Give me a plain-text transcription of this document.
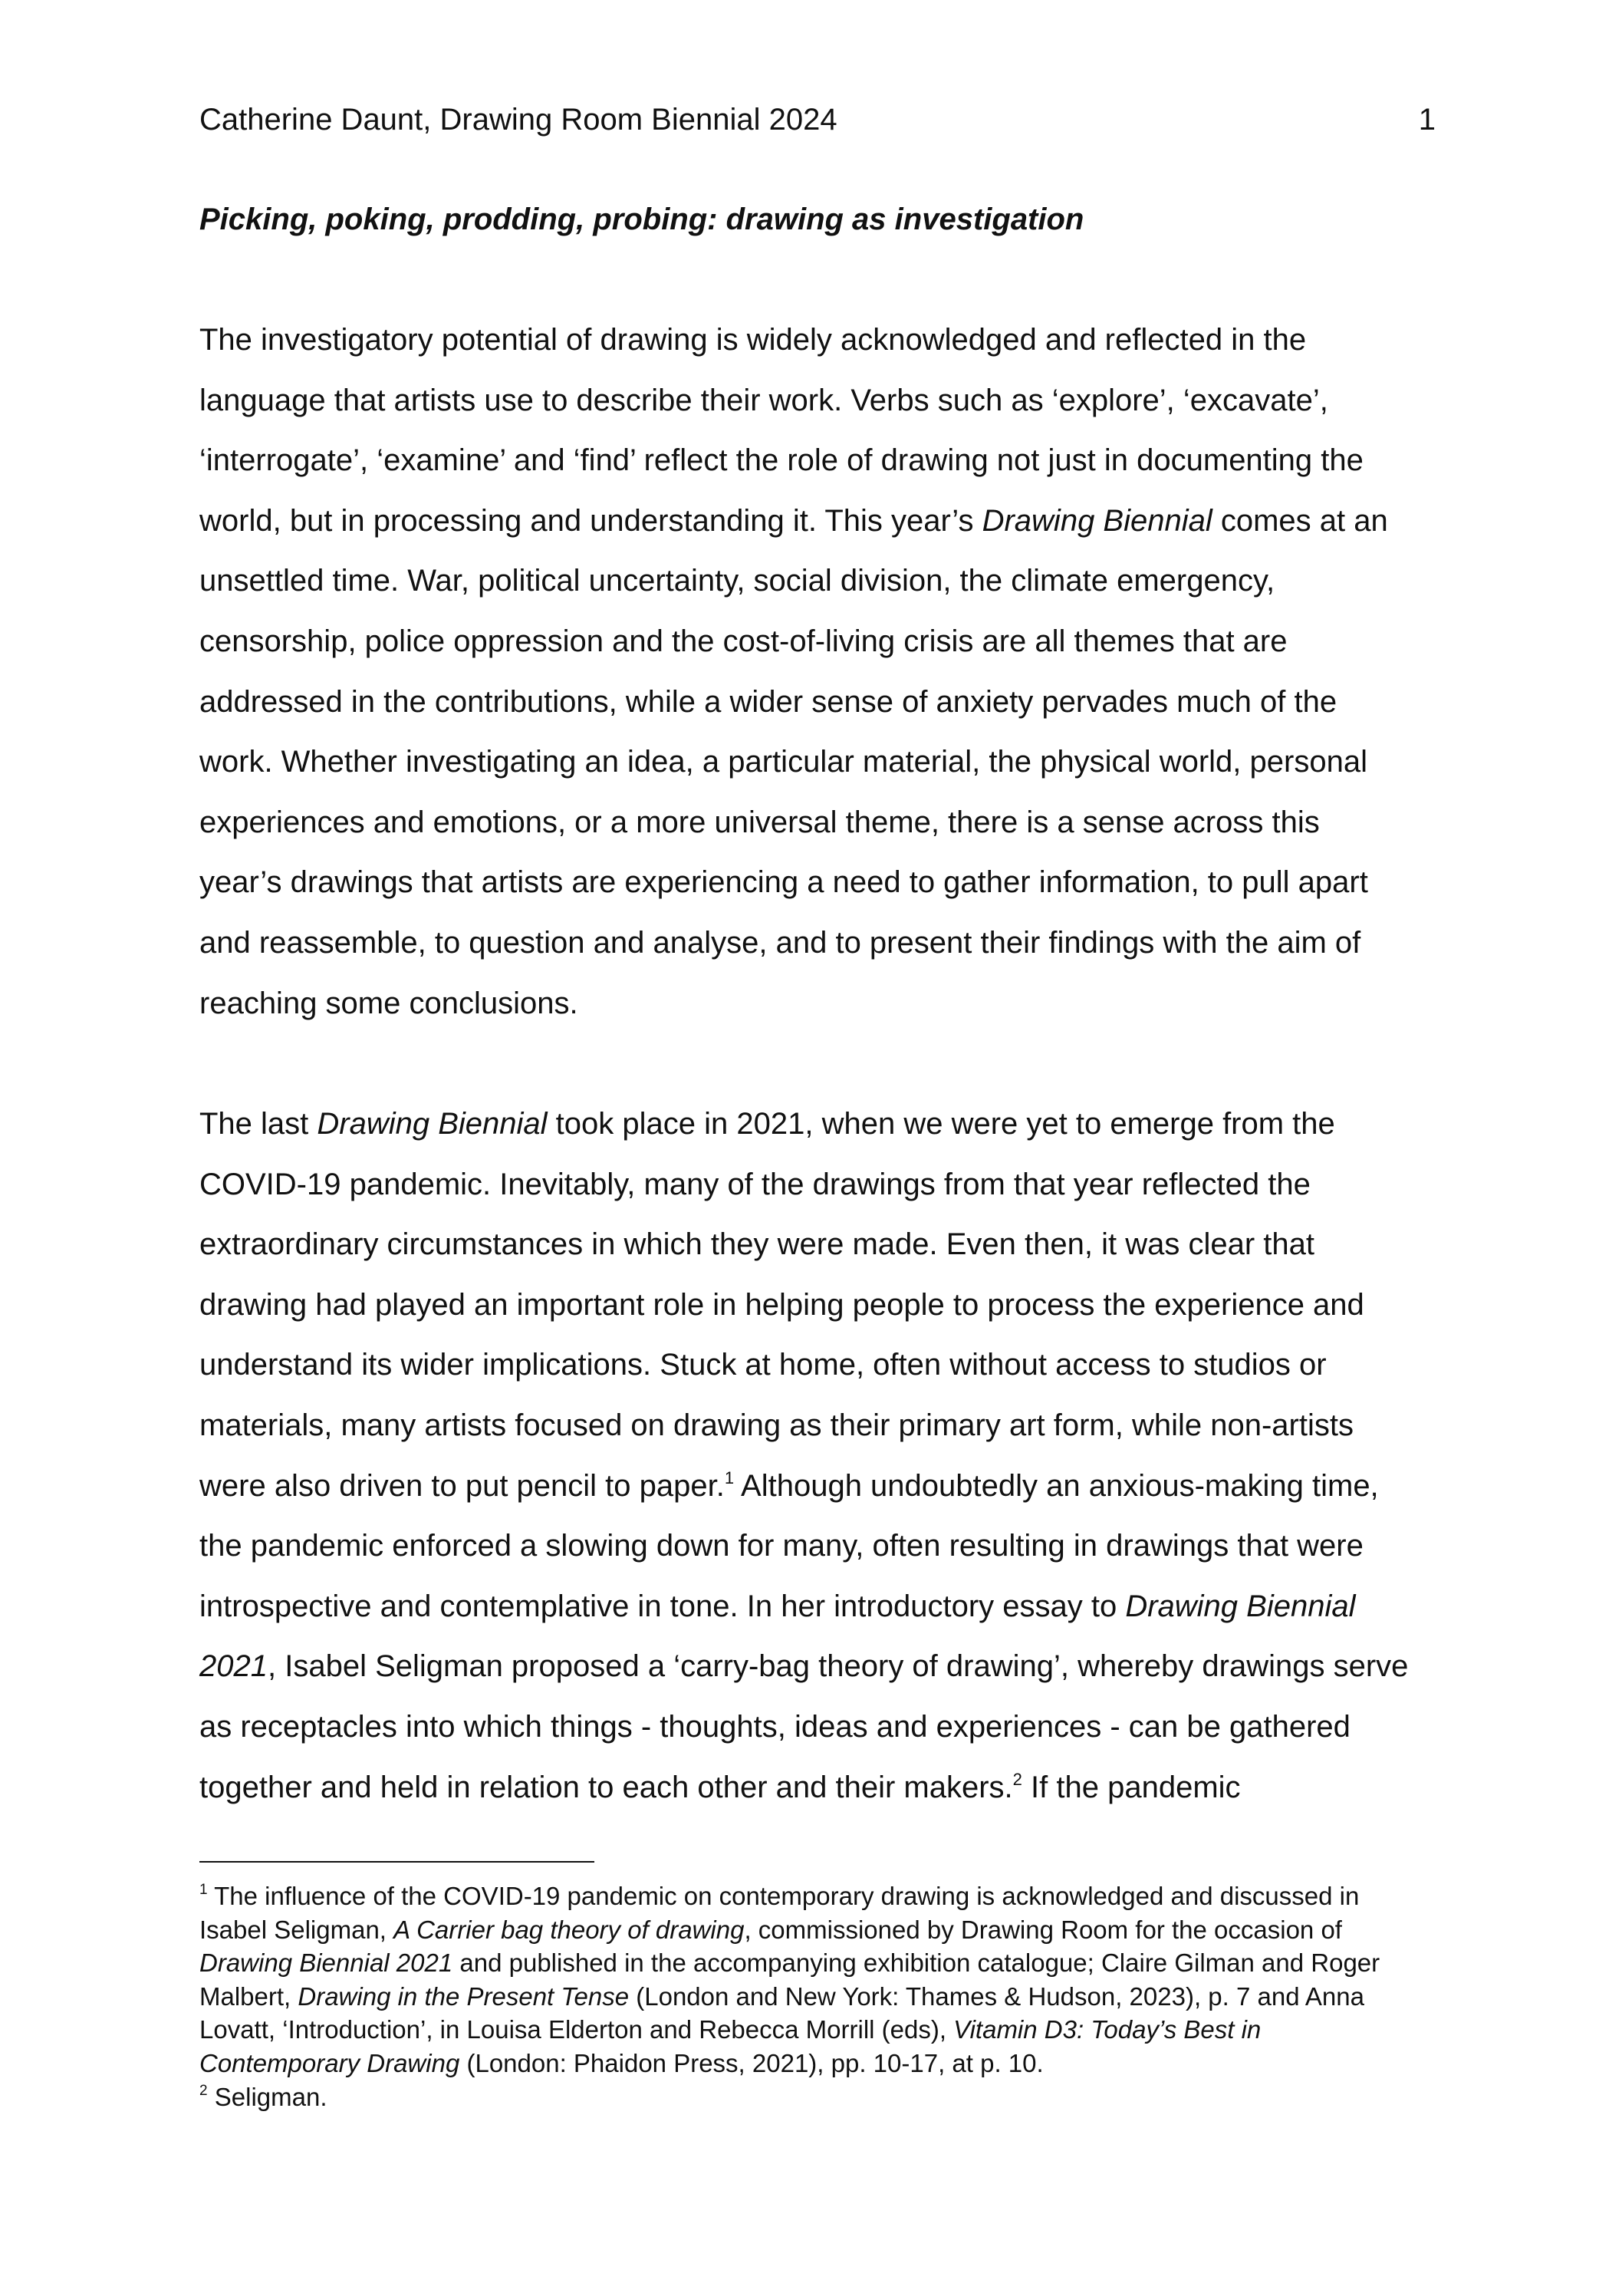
Catherine Daunt, Drawing Room Biennial 2024	1
Picking, poking, prodding, probing: drawing as investigation

The investigatory potential of drawing is widely acknowledged and reflected in the
language that artists use to describe their work. Verbs such as ‘explore’, ‘excavate’,
‘interrogate’, ‘examine’ and ‘find’ reflect the role of drawing not just in documenting the
world, but in processing and understanding it. This year’s Drawing Biennial comes at an
unsettled time. War, political uncertainty, social division, the climate emergency,
censorship, police oppression and the cost-of-living crisis are all themes that are
addressed in the contributions, while a wider sense of anxiety pervades much of the
work. Whether investigating an idea, a particular material, the physical world, personal
experiences and emotions, or a more universal theme, there is a sense across this
year’s drawings that artists are experiencing a need to gather information, to pull apart
and reassemble, to question and analyse, and to present their findings with the aim of
reaching some conclusions.

The last Drawing Biennial took place in 2021, when we were yet to emerge from the
COVID-19 pandemic. Inevitably, many of the drawings from that year reflected the
extraordinary circumstances in which they were made. Even then, it was clear that
drawing had played an important role in helping people to process the experience and
understand its wider implications. Stuck at home, often without access to studios or
materials, many artists focused on drawing as their primary art form, while non-artists
were also driven to put pencil to paper.$^1$ Although undoubtedly an anxious-making time,
the pandemic enforced a slowing down for many, often resulting in drawings that were
introspective and contemplative in tone. In her introductory essay to Drawing Biennial
2021, Isabel Seligman proposed a ‘carry-bag theory of drawing’, whereby drawings serve
as receptacles into which things - thoughts, ideas and experiences - can be gathered
together and held in relation to each other and their makers.$^2$ If the pandemic

$^1$ The influence of the COVID-19 pandemic on contemporary drawing is acknowledged and discussed in
Isabel Seligman, A Carrier bag theory of drawing, commissioned by Drawing Room for the occasion of
Drawing Biennial 2021 and published in the accompanying exhibition catalogue; Claire Gilman and Roger
Malbert, Drawing in the Present Tense (London and New York: Thames & Hudson, 2023), p. 7 and Anna
Lovatt, ‘Introduction’, in Louisa Elderton and Rebecca Morrill (eds), Vitamin D3: Today’s Best in
Contemporary Drawing (London: Phaidon Press, 2021), pp. 10-17, at p. 10.
$^2$ Seligman.
